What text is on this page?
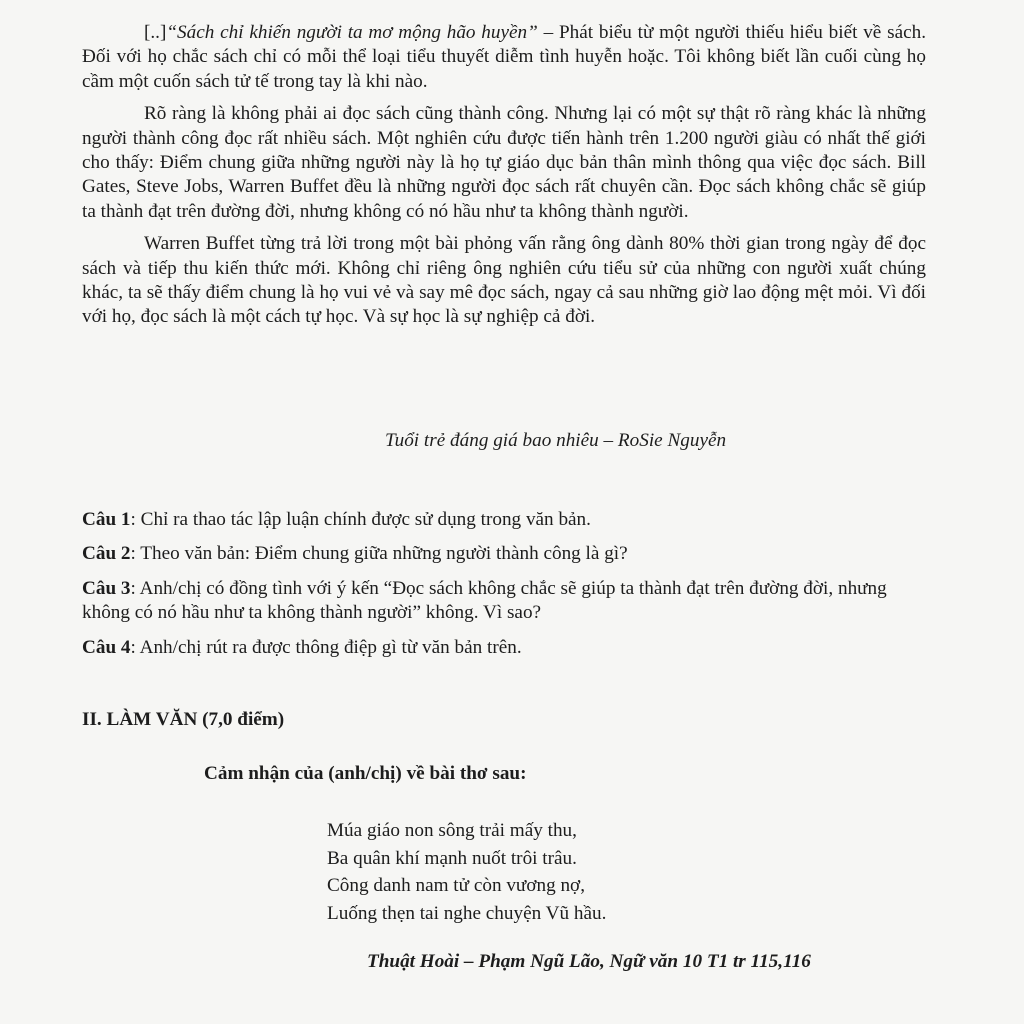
[..]“Sách chỉ khiến người ta mơ mộng hão huyền” – Phát biểu từ một người thiếu hiểu biết về sách. Đối với họ chắc sách chỉ có mỗi thể loại tiểu thuyết diễm tình huyễn hoặc. Tôi không biết lần cuối cùng họ cầm một cuốn sách tử tế trong tay là khi nào.

Rõ ràng là không phải ai đọc sách cũng thành công. Nhưng lại có một sự thật rõ ràng khác là những người thành công đọc rất nhiều sách. Một nghiên cứu được tiến hành trên 1.200 người giàu có nhất thế giới cho thấy: Điểm chung giữa những người này là họ tự giáo dục bản thân mình thông qua việc đọc sách. Bill Gates, Steve Jobs, Warren Buffet đều là những người đọc sách rất chuyên cần. Đọc sách không chắc sẽ giúp ta thành đạt trên đường đời, nhưng không có nó hầu như ta không thành người.

Warren Buffet từng trả lời trong một bài phỏng vấn rằng ông dành 80% thời gian trong ngày để đọc sách và tiếp thu kiến thức mới. Không chỉ riêng ông nghiên cứu tiểu sử của những con người xuất chúng khác, ta sẽ thấy điểm chung là họ vui vẻ và say mê đọc sách, ngay cả sau những giờ lao động mệt mỏi. Vì đối với họ, đọc sách là một cách tự học. Và sự học là sự nghiệp cả đời.

Tuổi trẻ đáng giá bao nhiêu – RoSie Nguyễn

Câu 1: Chỉ ra thao tác lập luận chính được sử dụng trong văn bản.

Câu 2: Theo văn bản: Điểm chung giữa những người thành công là gì?

Câu 3: Anh/chị có đồng tình với ý kến “Đọc sách không chắc sẽ giúp ta thành đạt trên đường đời, nhưng không có nó hầu như ta không thành người” không. Vì sao?

Câu 4: Anh/chị rút ra được thông điệp gì từ văn bản trên.

II. LÀM VĂN (7,0 điểm)
Cảm nhận của (anh/chị) về bài thơ sau:
Múa giáo non sông trải mấy thu,
Ba quân khí mạnh nuốt trôi trâu.
Công danh nam tử còn vương nợ,
Luống thẹn tai nghe chuyện Vũ hầu.
Thuật Hoài – Phạm Ngũ Lão, Ngữ văn 10 T1 tr 115,116
